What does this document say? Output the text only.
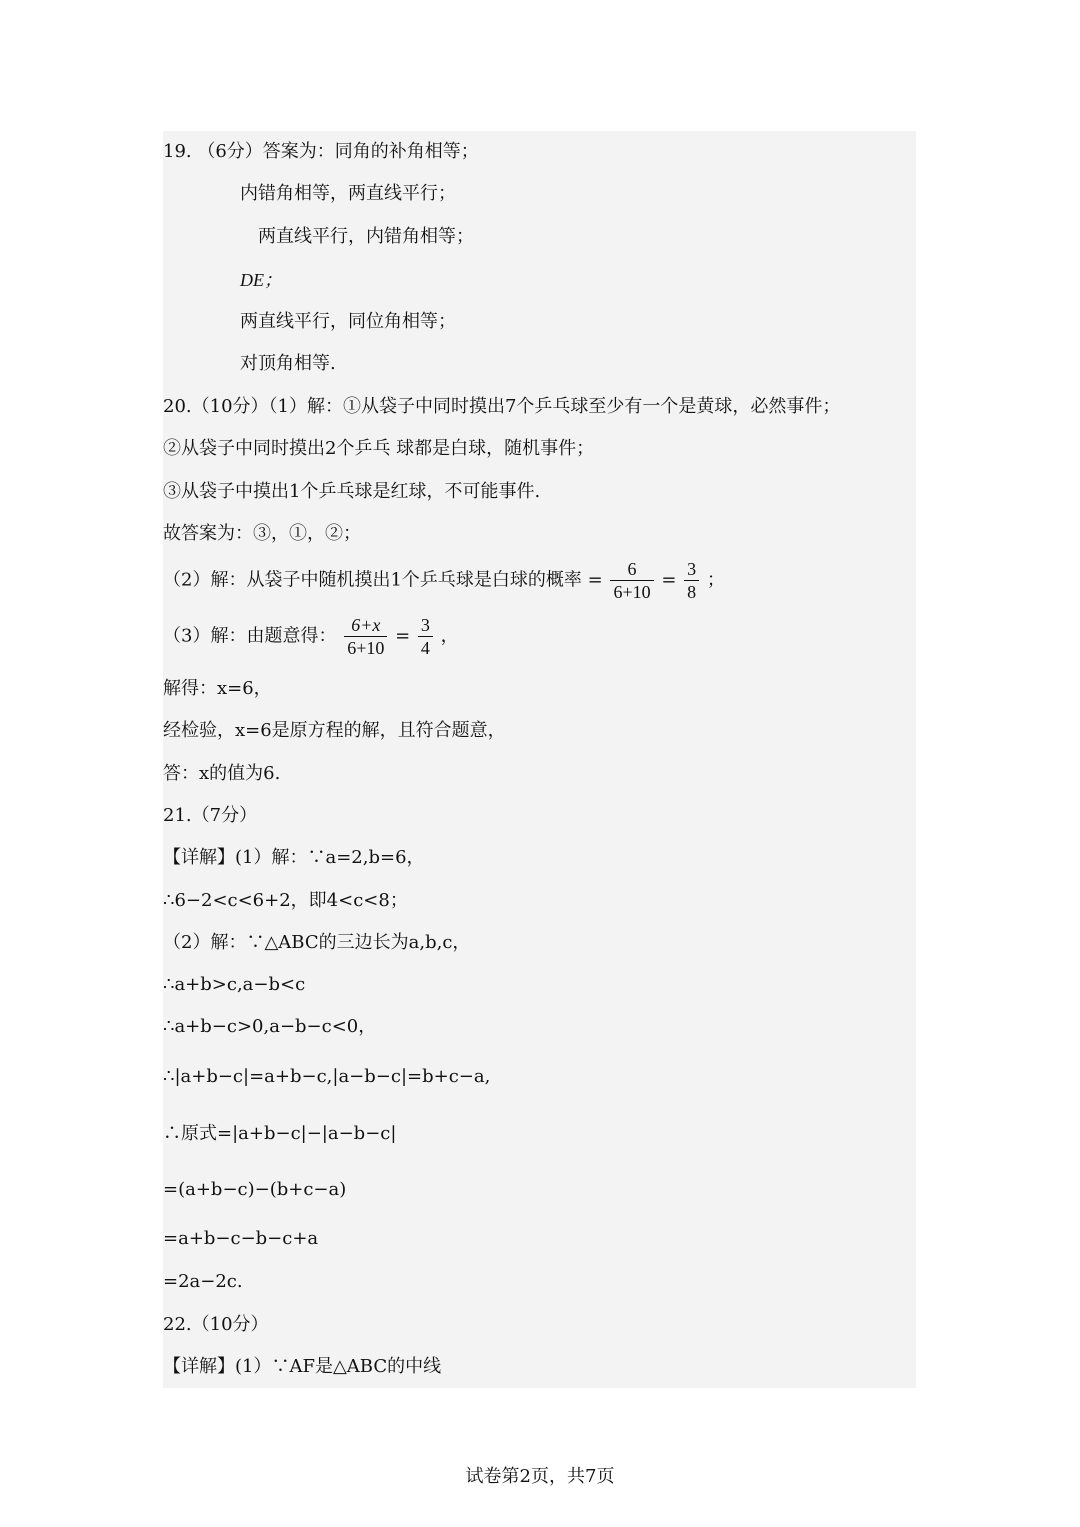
19. （6分）答案为：同角的补角相等；
内错角相等，两直线平行；
两直线平行，内错角相等；
DE；
两直线平行，同位角相等；
对顶角相等.
20.（10分）（1）解：①从袋子中同时摸出7个乒乓球至少有一个是黄球，必然事件；
②从袋子中同时摸出2个乒乓 球都是白球，随机事件；
③从袋子中摸出1个乒乓球是红球，不可能事件.
故答案为：③，①，②；
（2）解：从袋子中随机摸出1个乒乓球是白球的概率 = $\frac{6}{6+10} = \frac{3}{8}$ ；
（3）解：由题意得： $\frac{6+x}{6+10} = \frac{3}{4}$ ，
解得：x=6，
经检验，x=6是原方程的解，且符合题意，
答：x的值为6.
21.（7分）
【详解】(1）解：∵a=2,b=6，
∴6−2<c<6+2，即4<c<8；
（2）解：∵△ABC的三边长为a,b,c，
∴a+b>c,a−b<c
∴a+b−c>0,a−b−c<0，
∴|a+b−c|=a+b−c,|a−b−c|=b+c−a,
∴原式=|a+b−c|−|a−b−c|
=(a+b−c)−(b+c−a)
=a+b−c−b−c+a
=2a−2c.
22.（10分）
【详解】(1）∵AF是△ABC的中线
试卷第2页，共7页
